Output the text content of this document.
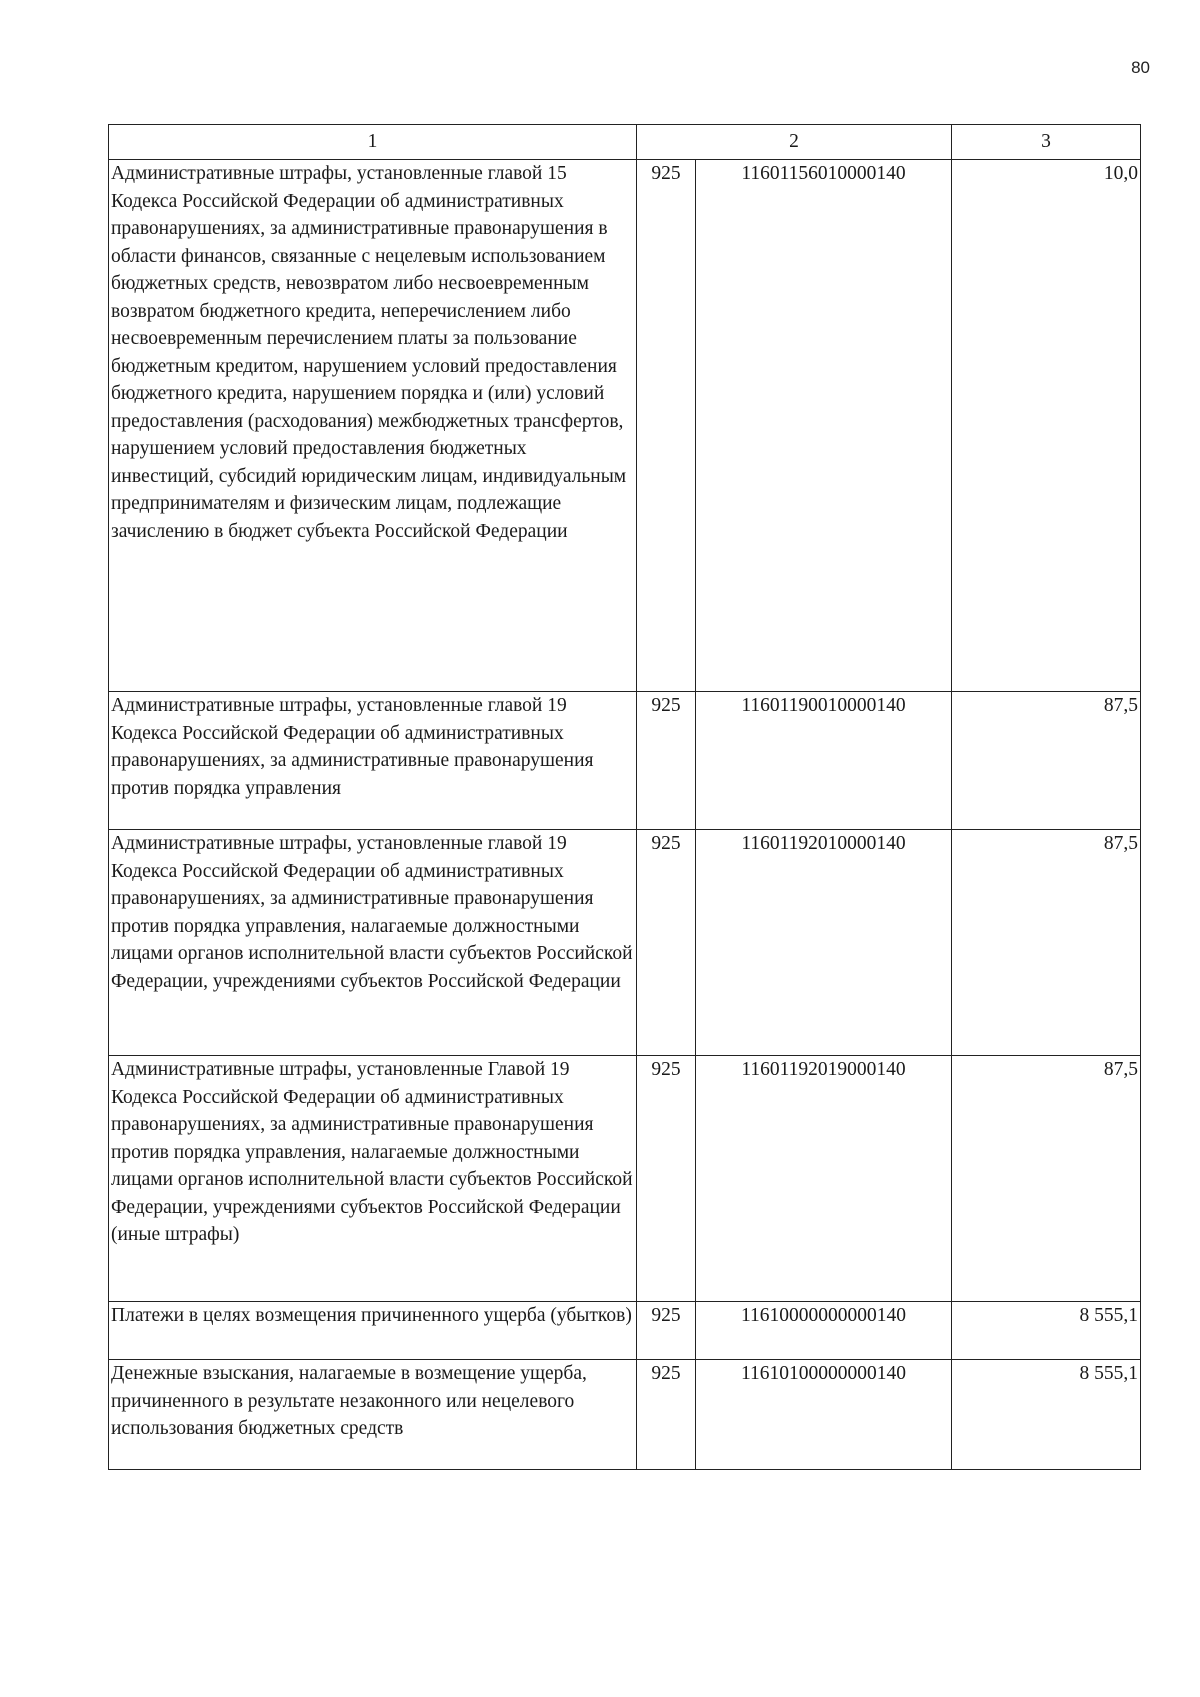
80
1	2		3
Административные штрафы, установленные главой 15 Кодекса Российской Федерации об административных правонарушениях, за административные правонарушения в области финансов, связанные с нецелевым использованием бюджетных средств, невозвратом либо несвоевременным возвратом бюджетного кредита, неперечислением либо несвоевременным перечислением платы за пользование бюджетным кредитом, нарушением условий предоставления бюджетного кредита, нарушением порядка и (или) условий предоставления (расходования) межбюджетных трансфертов, нарушением условий предоставления бюджетных инвестиций, субсидий юридическим лицам, индивидуальным предпринимателям и физическим лицам, подлежащие зачислению в бюджет субъекта Российской Федерации	925	11601156010000140	10,0
Административные штрафы, установленные главой 19 Кодекса Российской Федерации об административных правонарушениях, за административные правонарушения против порядка управления	925	11601190010000140	87,5
Административные штрафы, установленные главой 19 Кодекса Российской Федерации об административных правонарушениях, за административные правонарушения против порядка управления, налагаемые должностными лицами органов исполнительной власти субъектов Российской Федерации, учреждениями субъектов Российской Федерации	925	11601192010000140	87,5
Административные штрафы, установленные Главой 19 Кодекса Российской Федерации об административных правонарушениях, за административные правонарушения против порядка управления, налагаемые должностными лицами органов исполнительной власти субъектов Российской Федерации, учреждениями субъектов Российской Федерации (иные штрафы)	925	11601192019000140	87,5
Платежи в целях возмещения причиненного ущерба (убытков)	925	11610000000000140	8 555,1
Денежные взыскания, налагаемые в возмещение ущерба, причиненного в результате незаконного или нецелевого использования бюджетных средств	925	11610100000000140	8 555,1
